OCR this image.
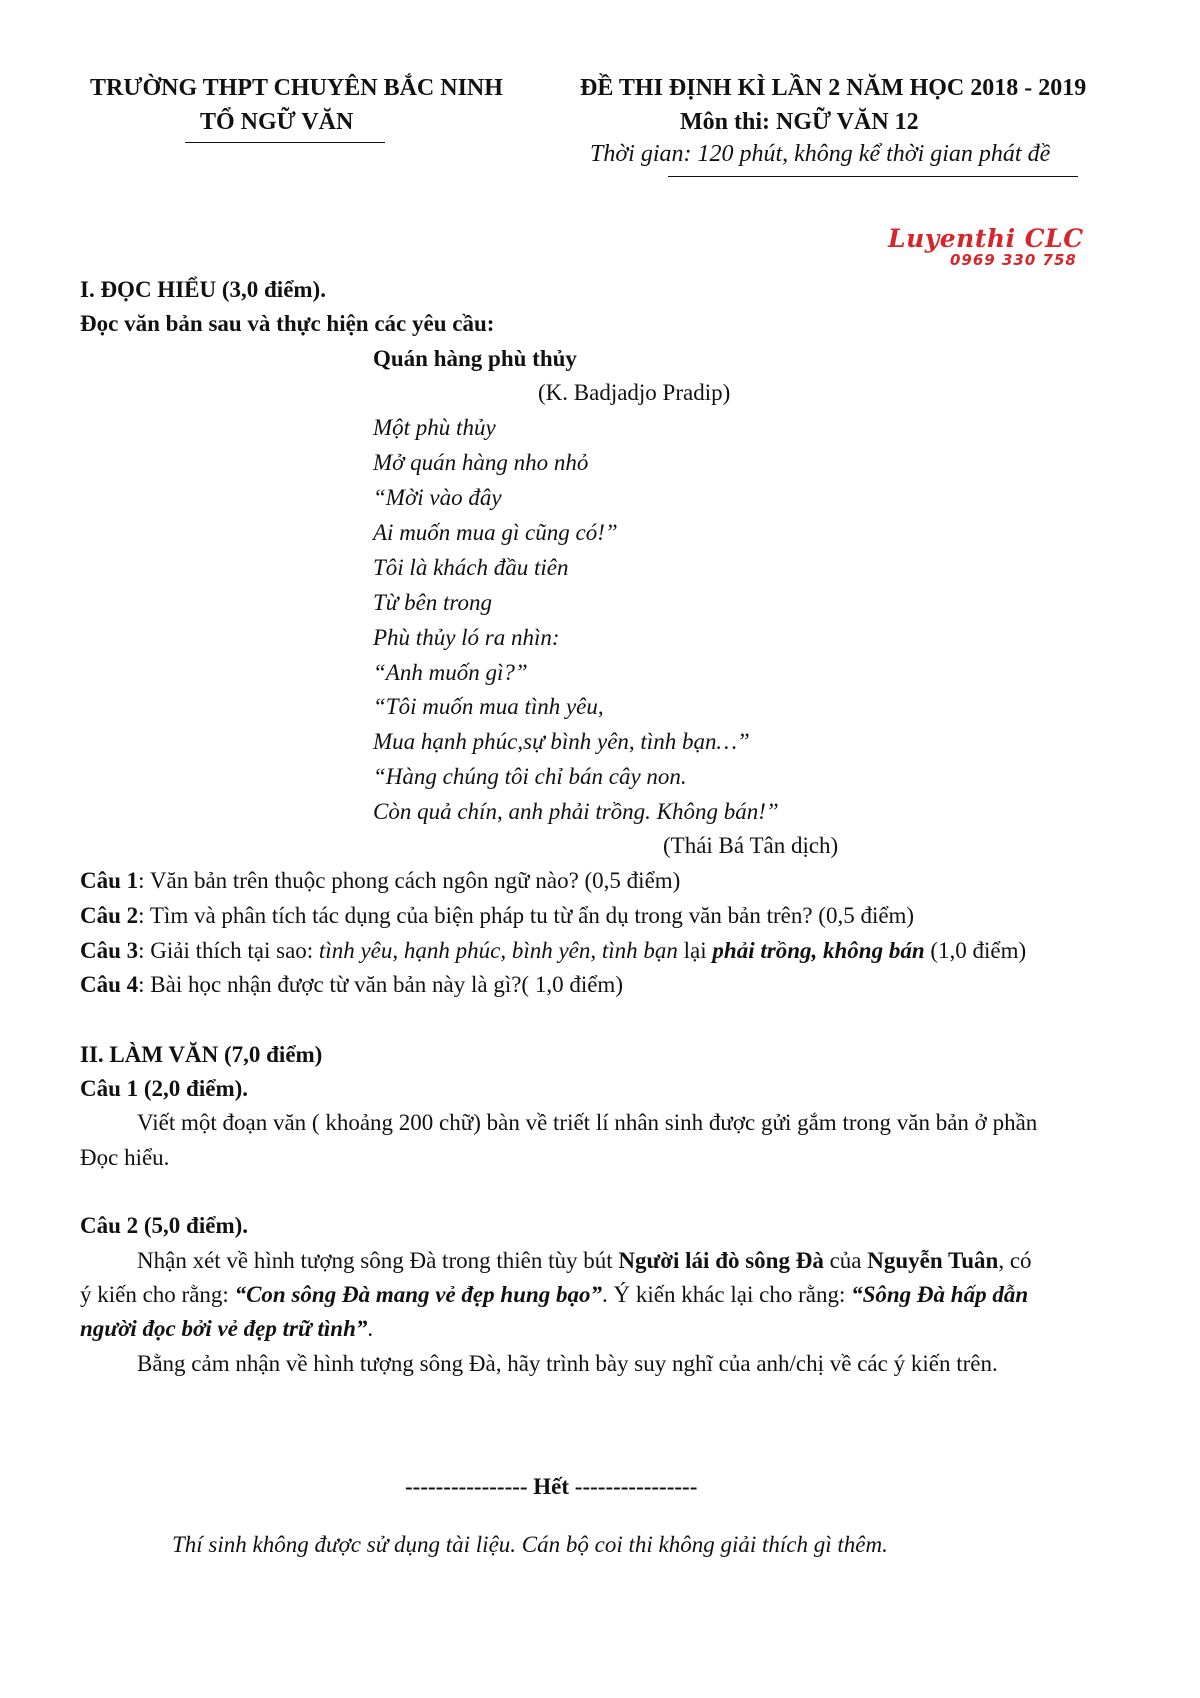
TRƯỜNG THPT CHUYÊN BẮC NINH
TỔ NGỮ VĂN
ĐỀ THI ĐỊNH KÌ LẦN 2 NĂM HỌC 2018 - 2019
Môn thi: NGỮ VĂN 12
Thời gian: 120 phút, không kể thời gian phát đề
Luyenthi CLC
0969 330 758
I. ĐỌC HIỂU (3,0 điểm).
Đọc văn bản sau và thực hiện các yêu cầu:
Quán hàng phù thủy
(K. Badjadjo Pradip)
Một phù thủy
Mở quán hàng nho nhỏ
“Mời vào đây
Ai muốn mua gì cũng có!”
Tôi là khách đầu tiên
Từ bên trong
Phù thủy ló ra nhìn:
“Anh muốn gì?”
“Tôi muốn mua tình yêu,
Mua hạnh phúc,sự bình yên, tình bạn…”
“Hàng chúng tôi chỉ bán cây non.
Còn quả chín, anh phải trồng. Không bán!”
(Thái Bá Tân dịch)
Câu 1: Văn bản trên thuộc phong cách ngôn ngữ nào? (0,5 điểm)
Câu 2: Tìm và phân tích tác dụng của biện pháp tu từ ẩn dụ trong văn bản trên? (0,5 điểm)
Câu 3: Giải thích tại sao: tình yêu, hạnh phúc, bình yên, tình bạn lại phải trồng, không bán (1,0 điểm)
Câu 4: Bài học nhận được từ văn bản này là gì?( 1,0 điểm)
II. LÀM VĂN (7,0 điểm)
Câu 1 (2,0 điểm).
Viết một đoạn văn ( khoảng 200 chữ) bàn về triết lí nhân sinh được gửi gắm trong văn bản ở phần
Đọc hiểu.
Câu 2 (5,0 điểm).
Nhận xét về hình tượng sông Đà trong thiên tùy bút Người lái đò sông Đà của Nguyễn Tuân, có
ý kiến cho rằng: “Con sông Đà mang vẻ đẹp hung bạo”. Ý kiến khác lại cho rằng: “Sông Đà hấp dẫn
người đọc bởi vẻ đẹp trữ tình”.
Bằng cảm nhận về hình tượng sông Đà, hãy trình bày suy nghĩ của anh/chị về các ý kiến trên.
---------------- Hết ----------------
Thí sinh không được sử dụng tài liệu. Cán bộ coi thi không giải thích gì thêm.
